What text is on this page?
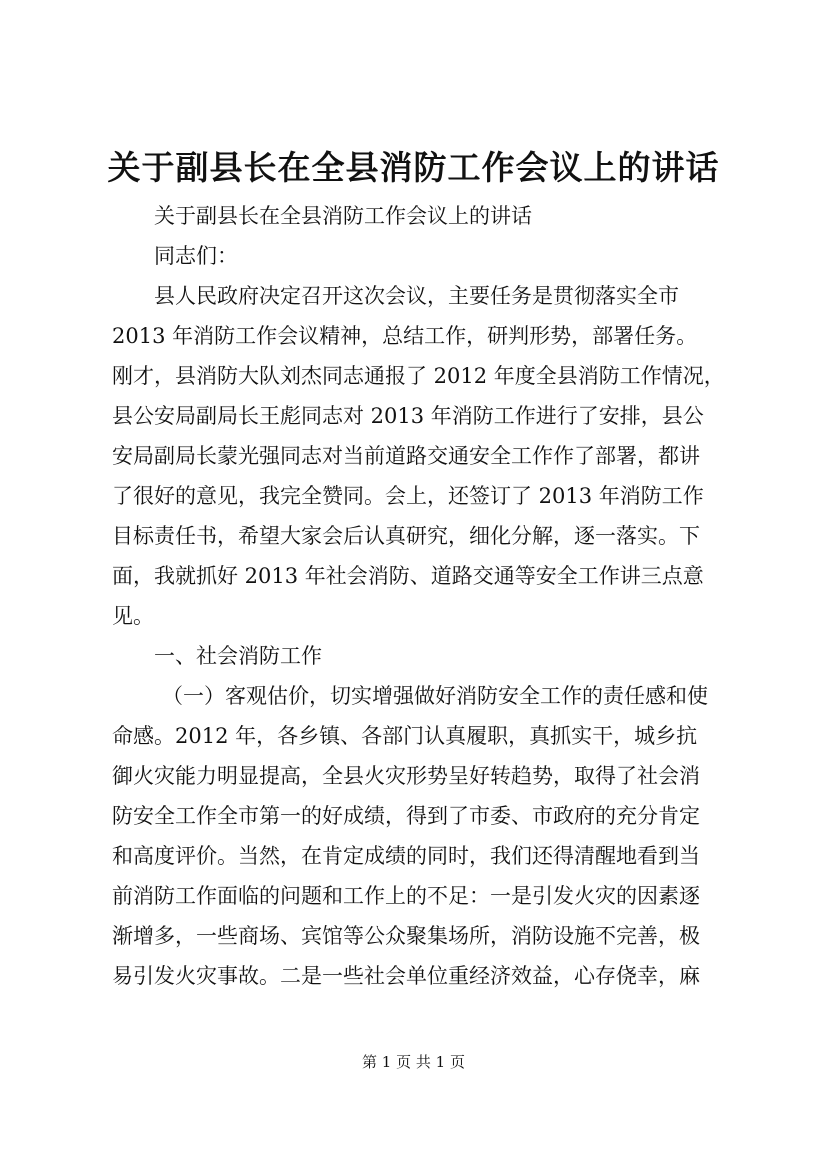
关于副县长在全县消防工作会议上的讲话

关于副县长在全县消防工作会议上的讲话

同志们：

县人民政府决定召开这次会议，主要任务是贯彻落实全市

2013 年消防工作会议精神，总结工作，研判形势，部署任务。

刚才，县消防大队刘杰同志通报了 2012 年度全县消防工作情况，

县公安局副局长王彪同志对 2013 年消防工作进行了安排，县公

安局副局长蒙光强同志对当前道路交通安全工作作了部署，都讲

了很好的意见，我完全赞同。会上，还签订了 2013 年消防工作

目标责任书，希望大家会后认真研究，细化分解，逐一落实。下

面，我就抓好 2013 年社会消防、道路交通等安全工作讲三点意

见。

一、社会消防工作

（一）客观估价，切实增强做好消防安全工作的责任感和使

命感。2012 年，各乡镇、各部门认真履职，真抓实干，城乡抗

御火灾能力明显提高，全县火灾形势呈好转趋势，取得了社会消

防安全工作全市第一的好成绩，得到了市委、市政府的充分肯定

和高度评价。当然，在肯定成绩的同时，我们还得清醒地看到当

前消防工作面临的问题和工作上的不足：一是引发火灾的因素逐

渐增多，一些商场、宾馆等公众聚集场所，消防设施不完善，极

易引发火灾事故。二是一些社会单位重经济效益，心存侥幸，麻

第 1 页 共 1 页
